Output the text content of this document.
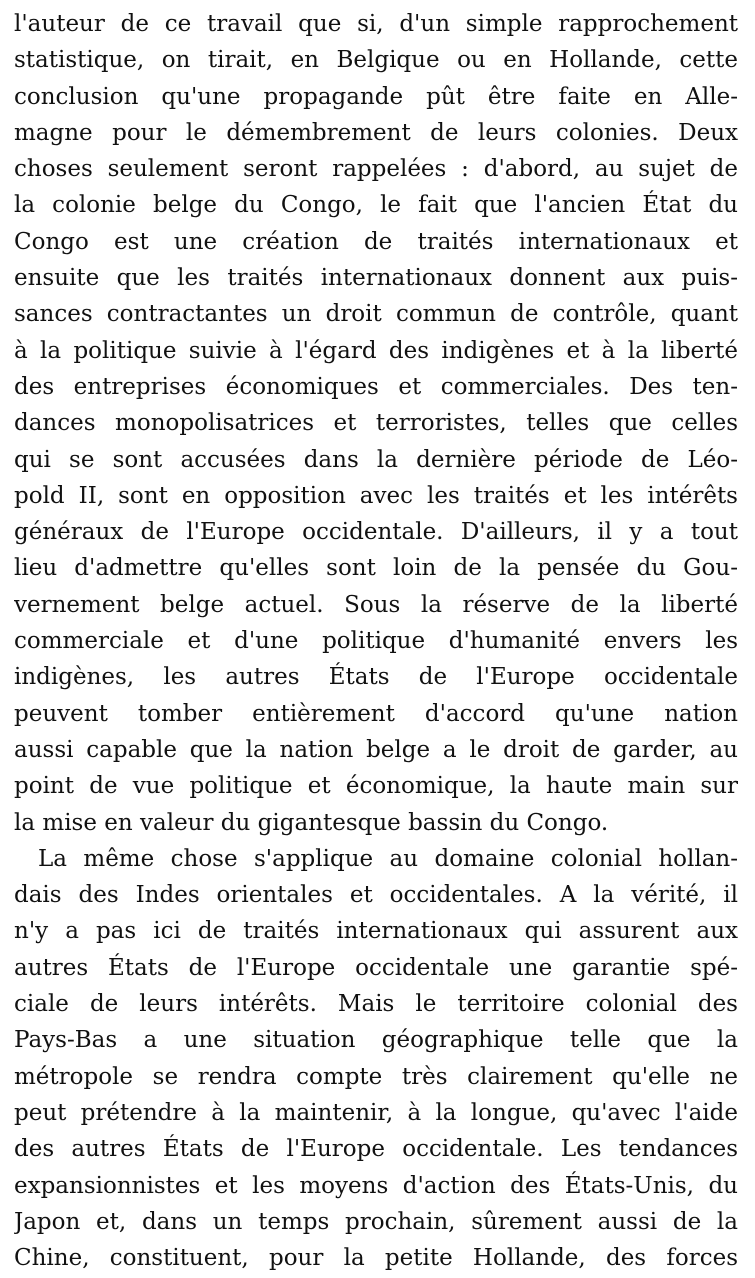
l'auteur de ce travail que si, d'un simple rapprochement
statistique, on tirait, en Belgique ou en Hollande, cette
conclusion qu'une propagande pût être faite en Alle-
magne pour le démembrement de leurs colonies. Deux
choses seulement seront rappelées : d'abord, au sujet de
la colonie belge du Congo, le fait que l'ancien État du
Congo est une création de traités internationaux et
ensuite que les traités internationaux donnent aux puis-
sances contractantes un droit commun de contrôle, quant
à la politique suivie à l'égard des indigènes et à la liberté
des entreprises économiques et commerciales. Des ten-
dances monopolisatrices et terroristes, telles que celles
qui se sont accusées dans la dernière période de Léo-
pold II, sont en opposition avec les traités et les intérêts
généraux de l'Europe occidentale. D'ailleurs, il y a tout
lieu d'admettre qu'elles sont loin de la pensée du Gou-
vernement belge actuel. Sous la réserve de la liberté
commerciale et d'une politique d'humanité envers les
indigènes, les autres États de l'Europe occidentale
peuvent tomber entièrement d'accord qu'une nation
aussi capable que la nation belge a le droit de garder, au
point de vue politique et économique, la haute main sur
la mise en valeur du gigantesque bassin du Congo.
La même chose s'applique au domaine colonial hollan-
dais des Indes orientales et occidentales. A la vérité, il
n'y a pas ici de traités internationaux qui assurent aux
autres États de l'Europe occidentale une garantie spé-
ciale de leurs intérêts. Mais le territoire colonial des
Pays-Bas a une situation géographique telle que la
métropole se rendra compte très clairement qu'elle ne
peut prétendre à la maintenir, à la longue, qu'avec l'aide
des autres États de l'Europe occidentale. Les tendances
expansionnistes et les moyens d'action des États-Unis, du
Japon et, dans un temps prochain, sûrement aussi de la
Chine, constituent, pour la petite Hollande, des forces
